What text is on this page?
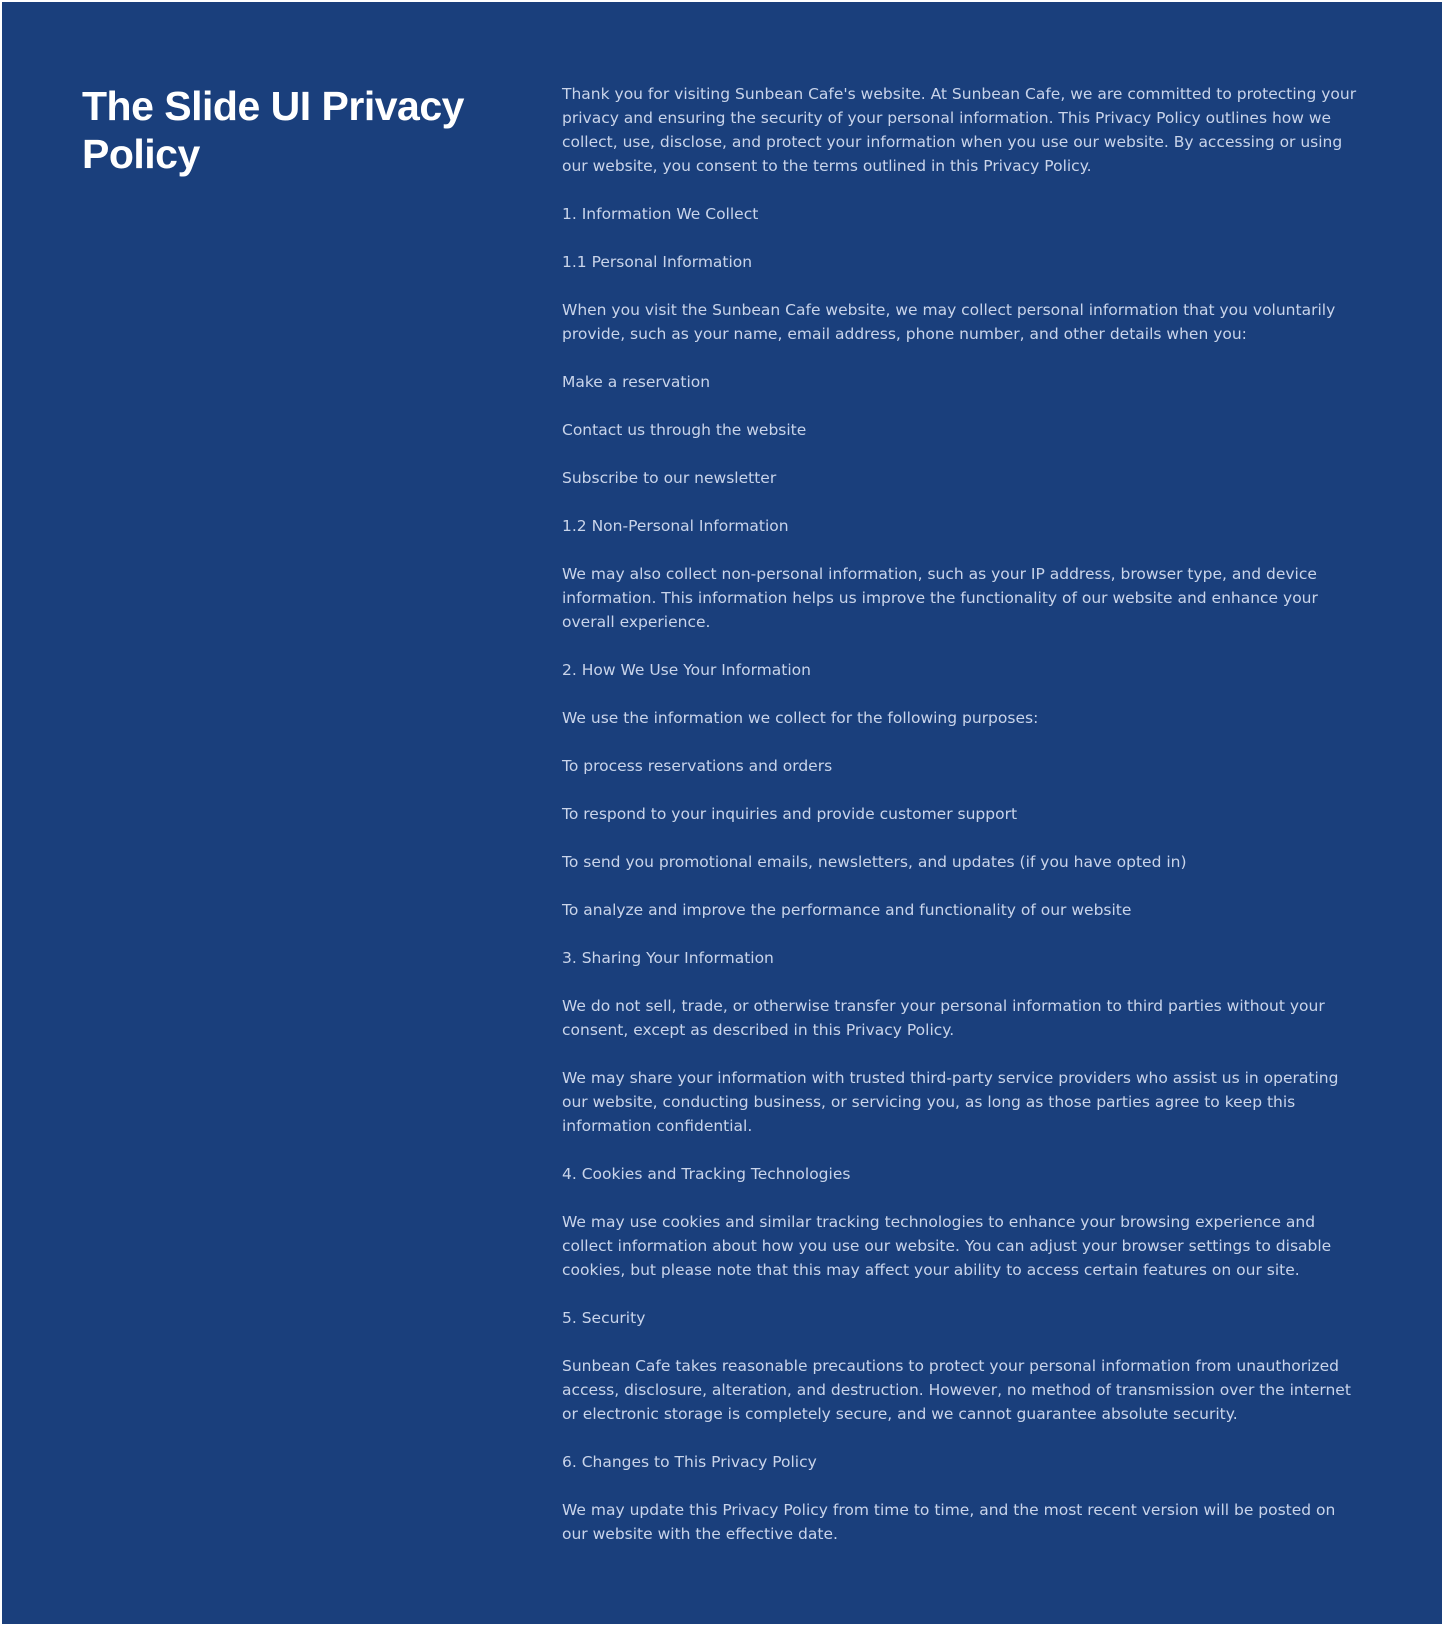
The Slide UI Privacy Policy

Thank you for visiting Sunbean Cafe's website. At Sunbean Cafe, we are committed to protecting your privacy and ensuring the security of your personal information. This Privacy Policy outlines how we collect, use, disclose, and protect your information when you use our website. By accessing or using our website, you consent to the terms outlined in this Privacy Policy.

1. Information We Collect

1.1 Personal Information

When you visit the Sunbean Cafe website, we may collect personal information that you voluntarily provide, such as your name, email address, phone number, and other details when you:

Make a reservation

Contact us through the website

Subscribe to our newsletter

1.2 Non-Personal Information

We may also collect non-personal information, such as your IP address, browser type, and device information. This information helps us improve the functionality of our website and enhance your overall experience.

2. How We Use Your Information

We use the information we collect for the following purposes:

To process reservations and orders

To respond to your inquiries and provide customer support

To send you promotional emails, newsletters, and updates (if you have opted in)

To analyze and improve the performance and functionality of our website

3. Sharing Your Information

We do not sell, trade, or otherwise transfer your personal information to third parties without your consent, except as described in this Privacy Policy.

We may share your information with trusted third-party service providers who assist us in operating our website, conducting business, or servicing you, as long as those parties agree to keep this information confidential.

4. Cookies and Tracking Technologies

We may use cookies and similar tracking technologies to enhance your browsing experience and collect information about how you use our website. You can adjust your browser settings to disable cookies, but please note that this may affect your ability to access certain features on our site.

5. Security

Sunbean Cafe takes reasonable precautions to protect your personal information from unauthorized access, disclosure, alteration, and destruction. However, no method of transmission over the internet or electronic storage is completely secure, and we cannot guarantee absolute security.

6. Changes to This Privacy Policy

We may update this Privacy Policy from time to time, and the most recent version will be posted on our website with the effective date.
